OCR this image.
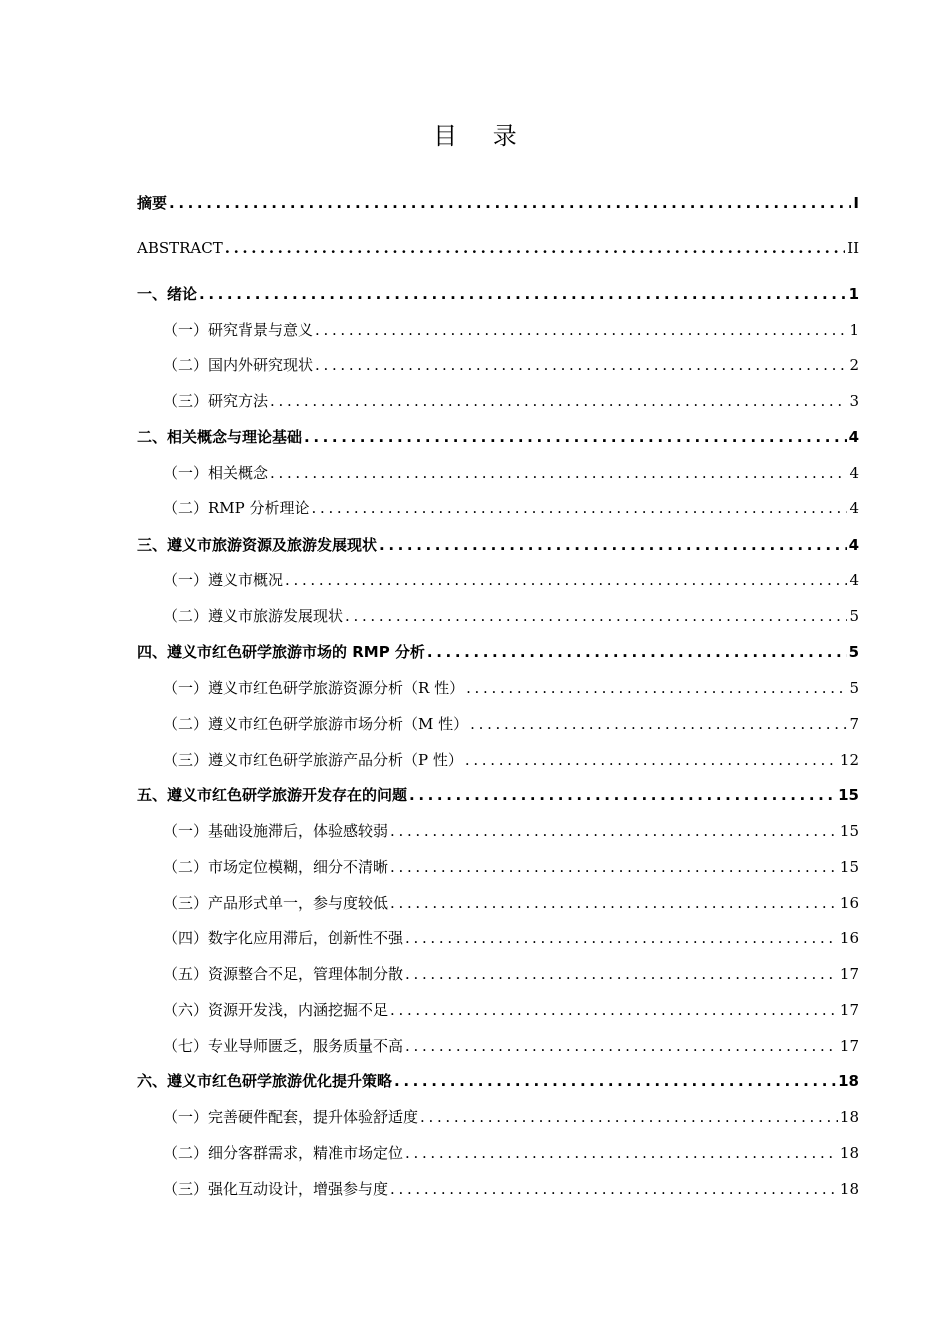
目 录
摘要 .....	I
ABSTRACT .....	II
一、绪论 .....	1
（一）研究背景与意义 .....	1
（二）国内外研究现状 .....	2
（三）研究方法 .....	3
二、相关概念与理论基础 .....	4
（一）相关概念 .....	4
（二）RMP 分析理论 .....	4
三、遵义市旅游资源及旅游发展现状 .....	4
（一）遵义市概况 .....	4
（二）遵义市旅游发展现状 .....	5
四、遵义市红色研学旅游市场的 RMP 分析 .....	5
（一）遵义市红色研学旅游资源分析（R 性） .....	5
（二）遵义市红色研学旅游市场分析（M 性） .....	7
（三）遵义市红色研学旅游产品分析（P 性） .....	12
五、遵义市红色研学旅游开发存在的问题 .....	15
（一）基础设施滞后，体验感较弱 .....	15
（二）市场定位模糊，细分不清晰 .....	15
（三）产品形式单一，参与度较低 .....	16
（四）数字化应用滞后，创新性不强 .....	16
（五）资源整合不足，管理体制分散 .....	17
（六）资源开发浅，内涵挖掘不足 .....	17
（七）专业导师匮乏，服务质量不高 .....	17
六、遵义市红色研学旅游优化提升策略 .....	18
（一）完善硬件配套，提升体验舒适度 .....	18
（二）细分客群需求，精准市场定位 .....	18
（三）强化互动设计，增强参与度 .....	18
